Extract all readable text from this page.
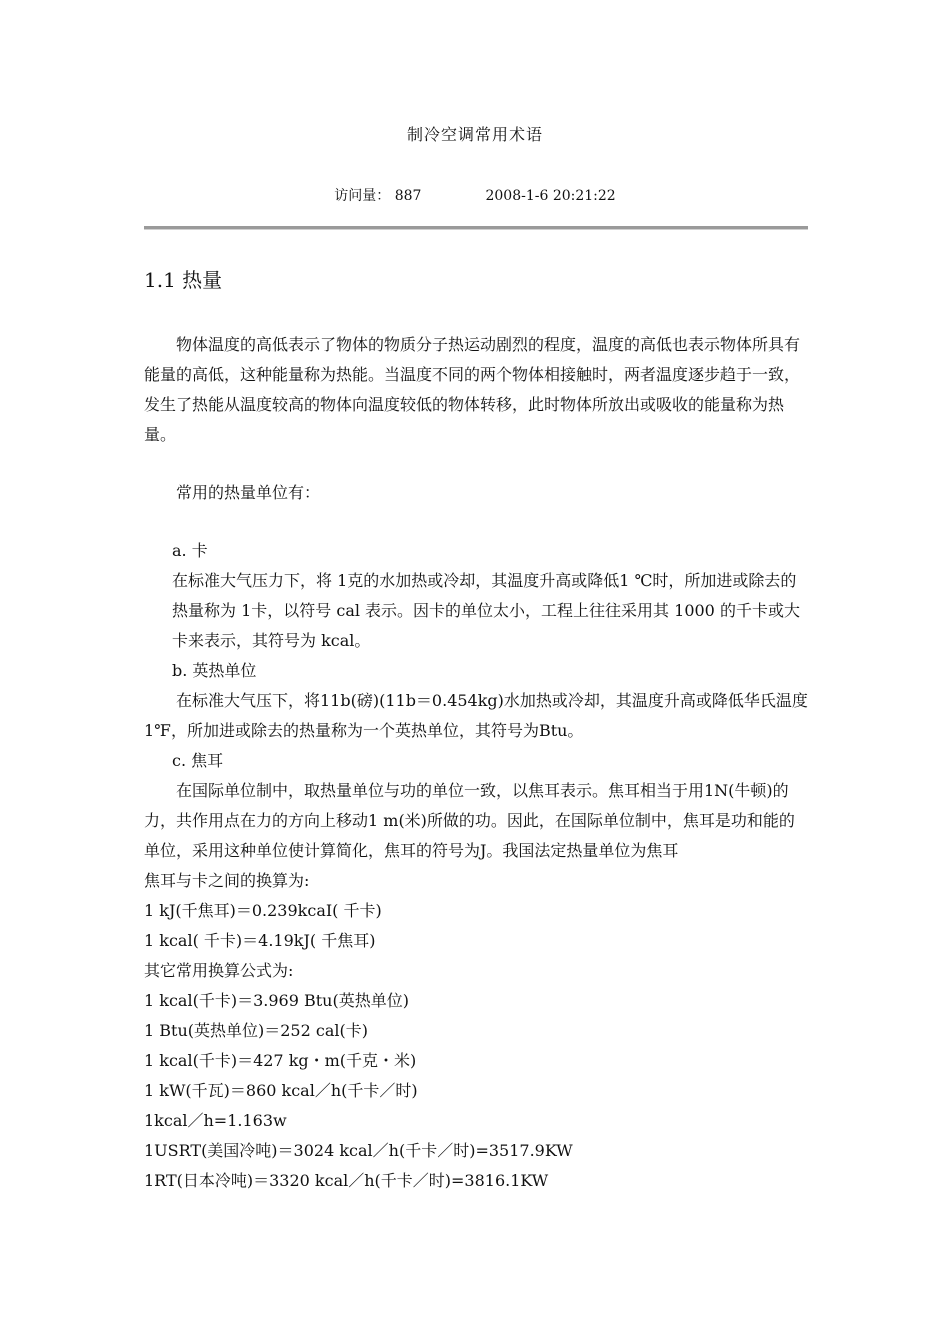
制冷空调常用术语
访问量： 887	2008-1-6 20:21:22
1.1 热量

物体温度的高低表示了物体的物质分子热运动剧烈的程度，温度的高低也表示物体所具有能量的高低，这种能量称为热能。当温度不同的两个物体相接触时，两者温度逐步趋于一致，发生了热能从温度较高的物体向温度较低的物体转移，此时物体所放出或吸收的能量称为热量。

常用的热量单位有：

a. 卡

在标准大气压力下，将 1克的水加热或冷却，其温度升高或降低1 ℃时，所加进或除去的热量称为 1卡，以符号 cal 表示。因卡的单位太小，工程上往往采用其 1000 的千卡或大卡来表示，其符号为 kcal。

b. 英热单位

在标准大气压下，将11b(磅)(11b＝0.454kg)水加热或冷却，其温度升高或降低华氏温度 1℉，所加进或除去的热量称为一个英热单位，其符号为Btu。

c. 焦耳

在国际单位制中，取热量单位与功的单位一致，以焦耳表示。焦耳相当于用1N(牛顿)的力，共作用点在力的方向上移动1 m(米)所做的功。因此，在国际单位制中，焦耳是功和能的单位，采用这种单位使计算简化，焦耳的符号为J。我国法定热量单位为焦耳

焦耳与卡之间的换算为:

1 kJ(千焦耳)＝0.239kcaI( 千卡)

1 kcal( 千卡)＝4.19kJ( 千焦耳)

其它常用换算公式为:

1 kcal(千卡)＝3.969 Btu(英热单位)

1 Btu(英热单位)＝252 cal(卡)

1 kcal(千卡)＝427 kg・m(千克・米)

1 kW(千瓦)＝860 kcal／h(千卡／时)

1kcal／h=1.163w

1USRT(美国冷吨)＝3024 kcal／h(千卡／时)=3517.9KW

1RT(日本冷吨)＝3320 kcal／h(千卡／时)=3816.1KW
